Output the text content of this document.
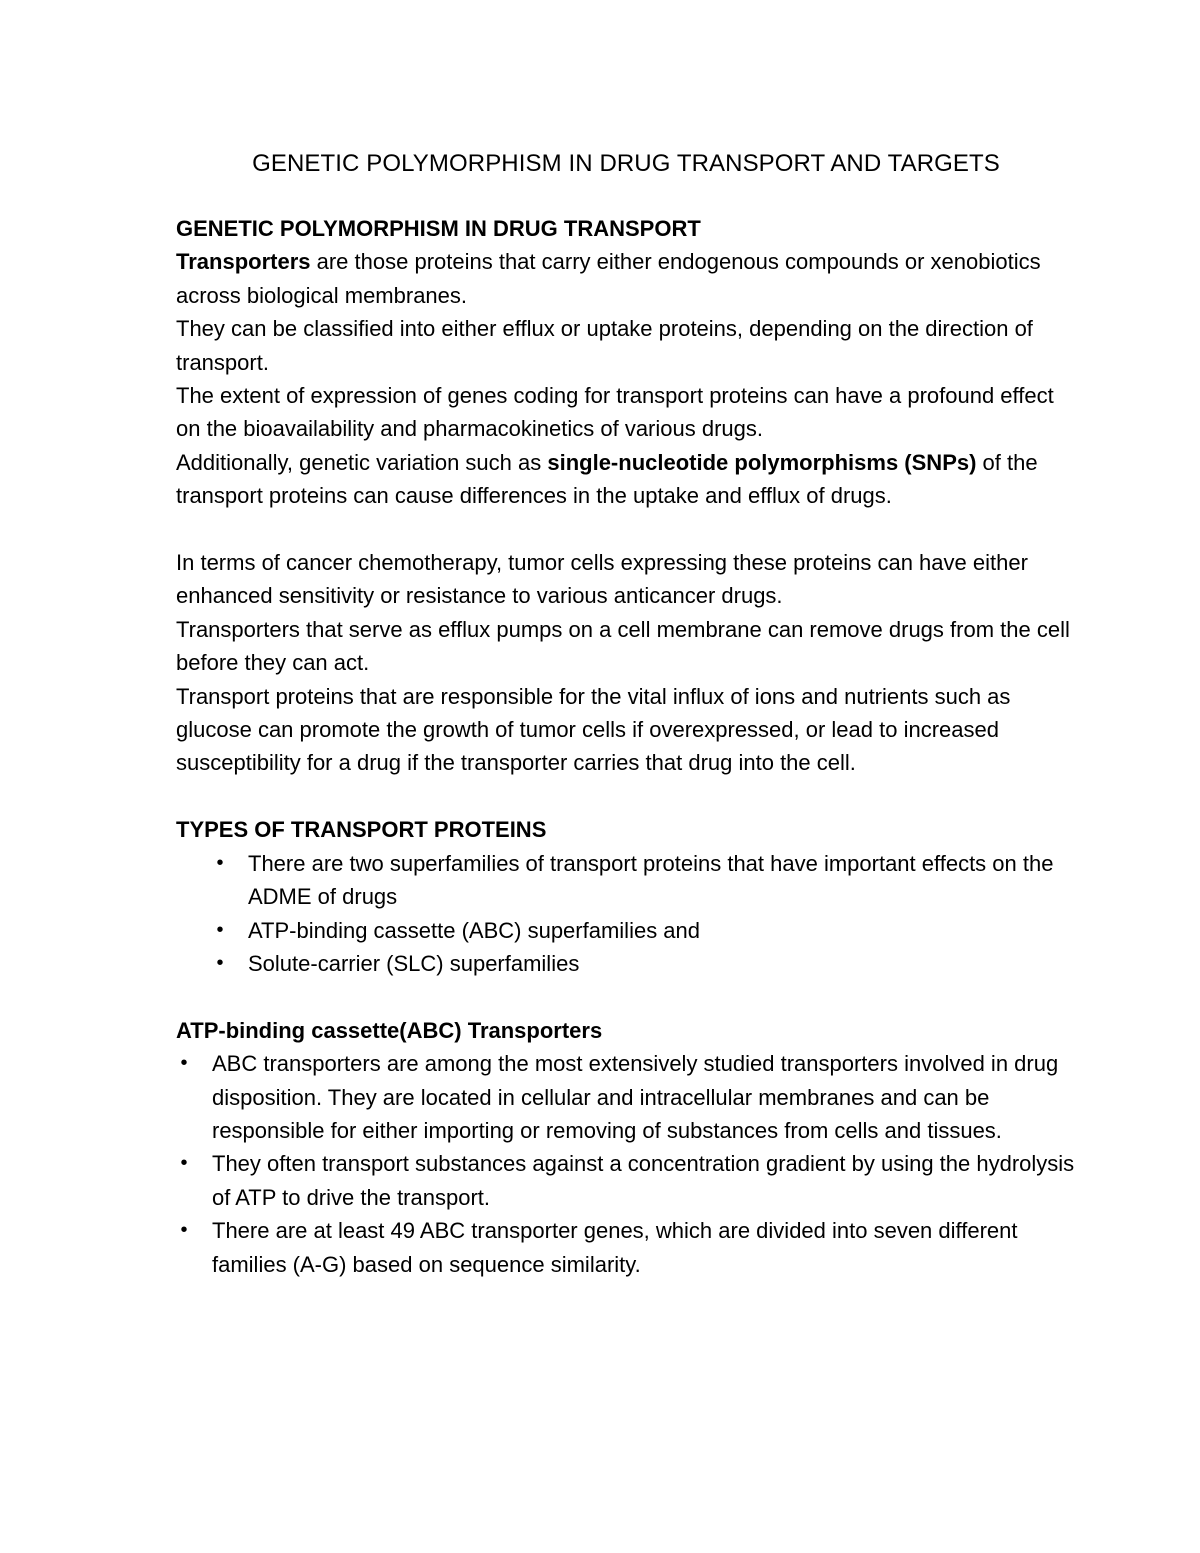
GENETIC POLYMORPHISM IN DRUG TRANSPORT AND TARGETS

GENETIC POLYMORPHISM IN DRUG TRANSPORT

Transporters are those proteins that carry either endogenous compounds or xenobiotics across biological membranes.

They can be classified into either efflux or uptake proteins, depending on the direction of transport.

The extent of expression of genes coding for transport proteins can have a profound effect on the bioavailability and pharmacokinetics of various drugs.

Additionally, genetic variation such as single-nucleotide polymorphisms (SNPs) of the transport proteins can cause differences in the uptake and efflux of drugs.

In terms of cancer chemotherapy, tumor cells expressing these proteins can have either enhanced sensitivity or resistance to various anticancer drugs.

Transporters that serve as efflux pumps on a cell membrane can remove drugs from the cell before they can act.

Transport proteins that are responsible for the vital influx of ions and nutrients such as glucose can promote the growth of tumor cells if overexpressed, or lead to increased susceptibility for a drug if the transporter carries that drug into the cell.

TYPES OF TRANSPORT PROTEINS

• There are two superfamilies of transport proteins that have important effects on the ADME of drugs
• ATP-binding cassette (ABC) superfamilies and
• Solute-carrier (SLC) superfamilies

ATP-binding cassette(ABC) Transporters

• ABC transporters are among the most extensively studied transporters involved in drug disposition. They are located in cellular and intracellular membranes and can be responsible for either importing or removing of substances from cells and tissues.
• They often transport substances against a concentration gradient by using the hydrolysis of ATP to drive the transport.
• There are at least 49 ABC transporter genes, which are divided into seven different families (A-G) based on sequence similarity.
